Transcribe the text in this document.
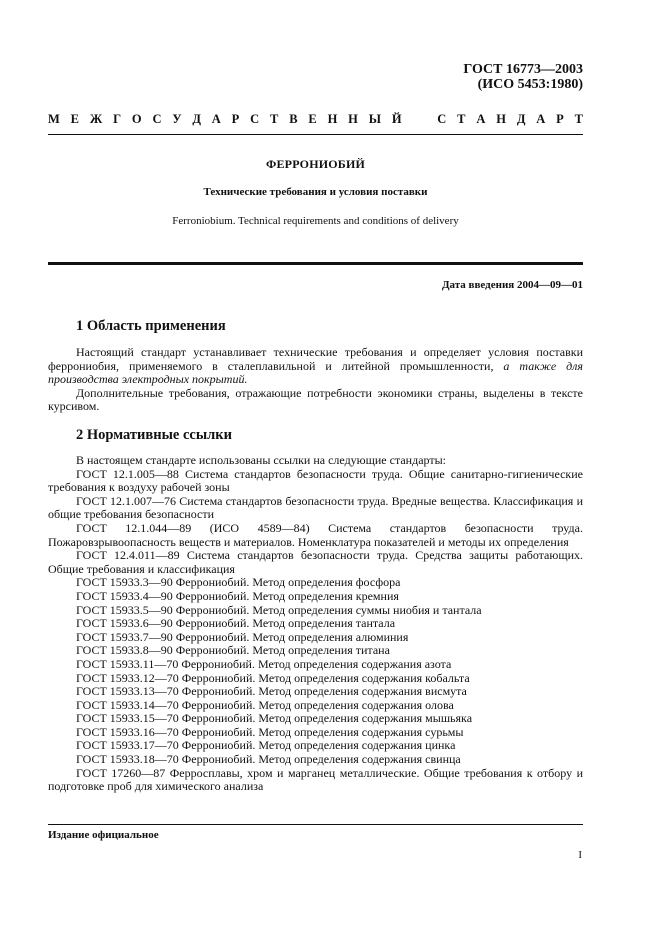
ГОСТ 16773—2003
(ИСО 5453:1980)
М Е Ж Г О С У Д А Р С Т В Е Н Н Ы Й	С Т А Н Д А Р Т
ФЕРРОНИОБИЙ
Технические требования и условия поставки
Ferroniobium. Technical requirements and conditions of delivery
Дата введения 2004—09—01
1 Область применения

Настоящий стандарт устанавливает технические требования и определяет условия поставки феррониобия, применяемого в сталеплавильной и литейной промышленности, а также для производства электродных покрытий.

Дополнительные требования, отражающие потребности экономики страны, выделены в тексте курсивом.

2 Нормативные ссылки

В настоящем стандарте использованы ссылки на следующие стандарты:

ГОСТ 12.1.005—88 Система стандартов безопасности труда. Общие санитарно-гигиенические требования к воздуху рабочей зоны

ГОСТ 12.1.007—76 Система стандартов безопасности труда. Вредные вещества. Классификация и общие требования безопасности

ГОСТ 12.1.044—89 (ИСО 4589—84) Система стандартов безопасности труда. Пожаровзрывоопасность веществ и материалов. Номенклатура показателей и методы их определения

ГОСТ 12.4.011—89 Система стандартов безопасности труда. Средства защиты работающих. Общие требования и классификация

ГОСТ 15933.3—90 Феррониобий. Метод определения фосфора

ГОСТ 15933.4—90 Феррониобий. Метод определения кремния

ГОСТ 15933.5—90 Феррониобий. Метод определения суммы ниобия и тантала

ГОСТ 15933.6—90 Феррониобий. Метод определения тантала

ГОСТ 15933.7—90 Феррониобий. Метод определения алюминия

ГОСТ 15933.8—90 Феррониобий. Метод определения титана

ГОСТ 15933.11—70 Феррониобий. Метод определения содержания азота

ГОСТ 15933.12—70 Феррониобий. Метод определения содержания кобальта

ГОСТ 15933.13—70 Феррониобий. Метод определения содержания висмута

ГОСТ 15933.14—70 Феррониобий. Метод определения содержания олова

ГОСТ 15933.15—70 Феррониобий. Метод определения содержания мышьяка

ГОСТ 15933.16—70 Феррониобий. Метод определения содержания сурьмы

ГОСТ 15933.17—70 Феррониобий. Метод определения содержания цинка

ГОСТ 15933.18—70 Феррониобий. Метод определения содержания свинца

ГОСТ 17260—87 Ферросплавы, хром и марганец металлические. Общие требования к отбору и подготовке проб для химического анализа

Издание официальное
I
